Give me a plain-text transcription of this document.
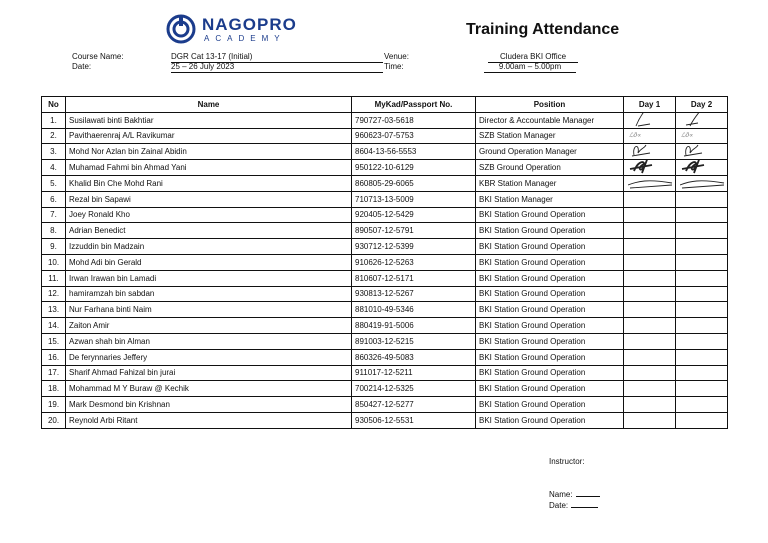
NAGOPRO
ACADEMY
Training Attendance
Course Name:	DGR Cat 13-17 (Initial)
Date:	25 – 26 July 2023
Venue:	Cludera BKI Office
Time:	9.00am – 5.00pm
No	Name	MyKad/Passport No.	Position	Day 1	Day 2
1.	Susilawati binti Bakhtiar	790727-03-5618	Director & Accountable Manager	

2.	Pavithaerenraj A/L Ravikumar	960623-07-5753	SZB Station Manager	ℒд∝	ℒд∝

3.	Mohd Nor Azlan bin Zainal Abidin	8604-13-56-5553	Ground Operation Manager	

4.	Muhamad Fahmi bin Ahmad Yani	950122-10-6129	SZB Ground Operation	

5.	Khalid Bin Che Mohd Rani	860805-29-6065	KBR Station Manager	

6.	Rezal bin Sapawi	710713-13-5009	BKI Station Manager		
7.	Joey Ronald Kho	920405-12-5429	BKI Station Ground Operation		
8.	Adrian Benedict	890507-12-5791	BKI Station Ground Operation		
9.	Izzuddin bin Madzain	930712-12-5399	BKI Station Ground Operation		
10.	Mohd Adi bin Gerald	910626-12-5263	BKI Station Ground Operation		
11.	Irwan Irawan bin Lamadi	810607-12-5171	BKI Station Ground Operation		
12.	hamiramzah bin sabdan	930813-12-5267	BKI Station Ground Operation		
13.	Nur Farhana binti Naim	881010-49-5346	BKI Station Ground Operation		
14.	Zaiton Amir	880419-91-5006	BKI Station Ground Operation		
15.	Azwan shah bin Alman	891003-12-5215	BKI Station Ground Operation		
16.	De ferynnaries Jeffery	860326-49-5083	BKI Station Ground Operation		
17.	Sharif Ahmad Fahizal bin jurai	911017-12-5211	BKI Station Ground Operation		
18.	Mohammad M Y Buraw @ Kechik	700214-12-5325	BKI Station Ground Operation		
19.	Mark Desmond bin Krishnan	850427-12-5277	BKI Station Ground Operation		
20.	Reynold Arbi Ritant	930506-12-5531	BKI Station Ground Operation		
Instructor:
Name:
Date:
